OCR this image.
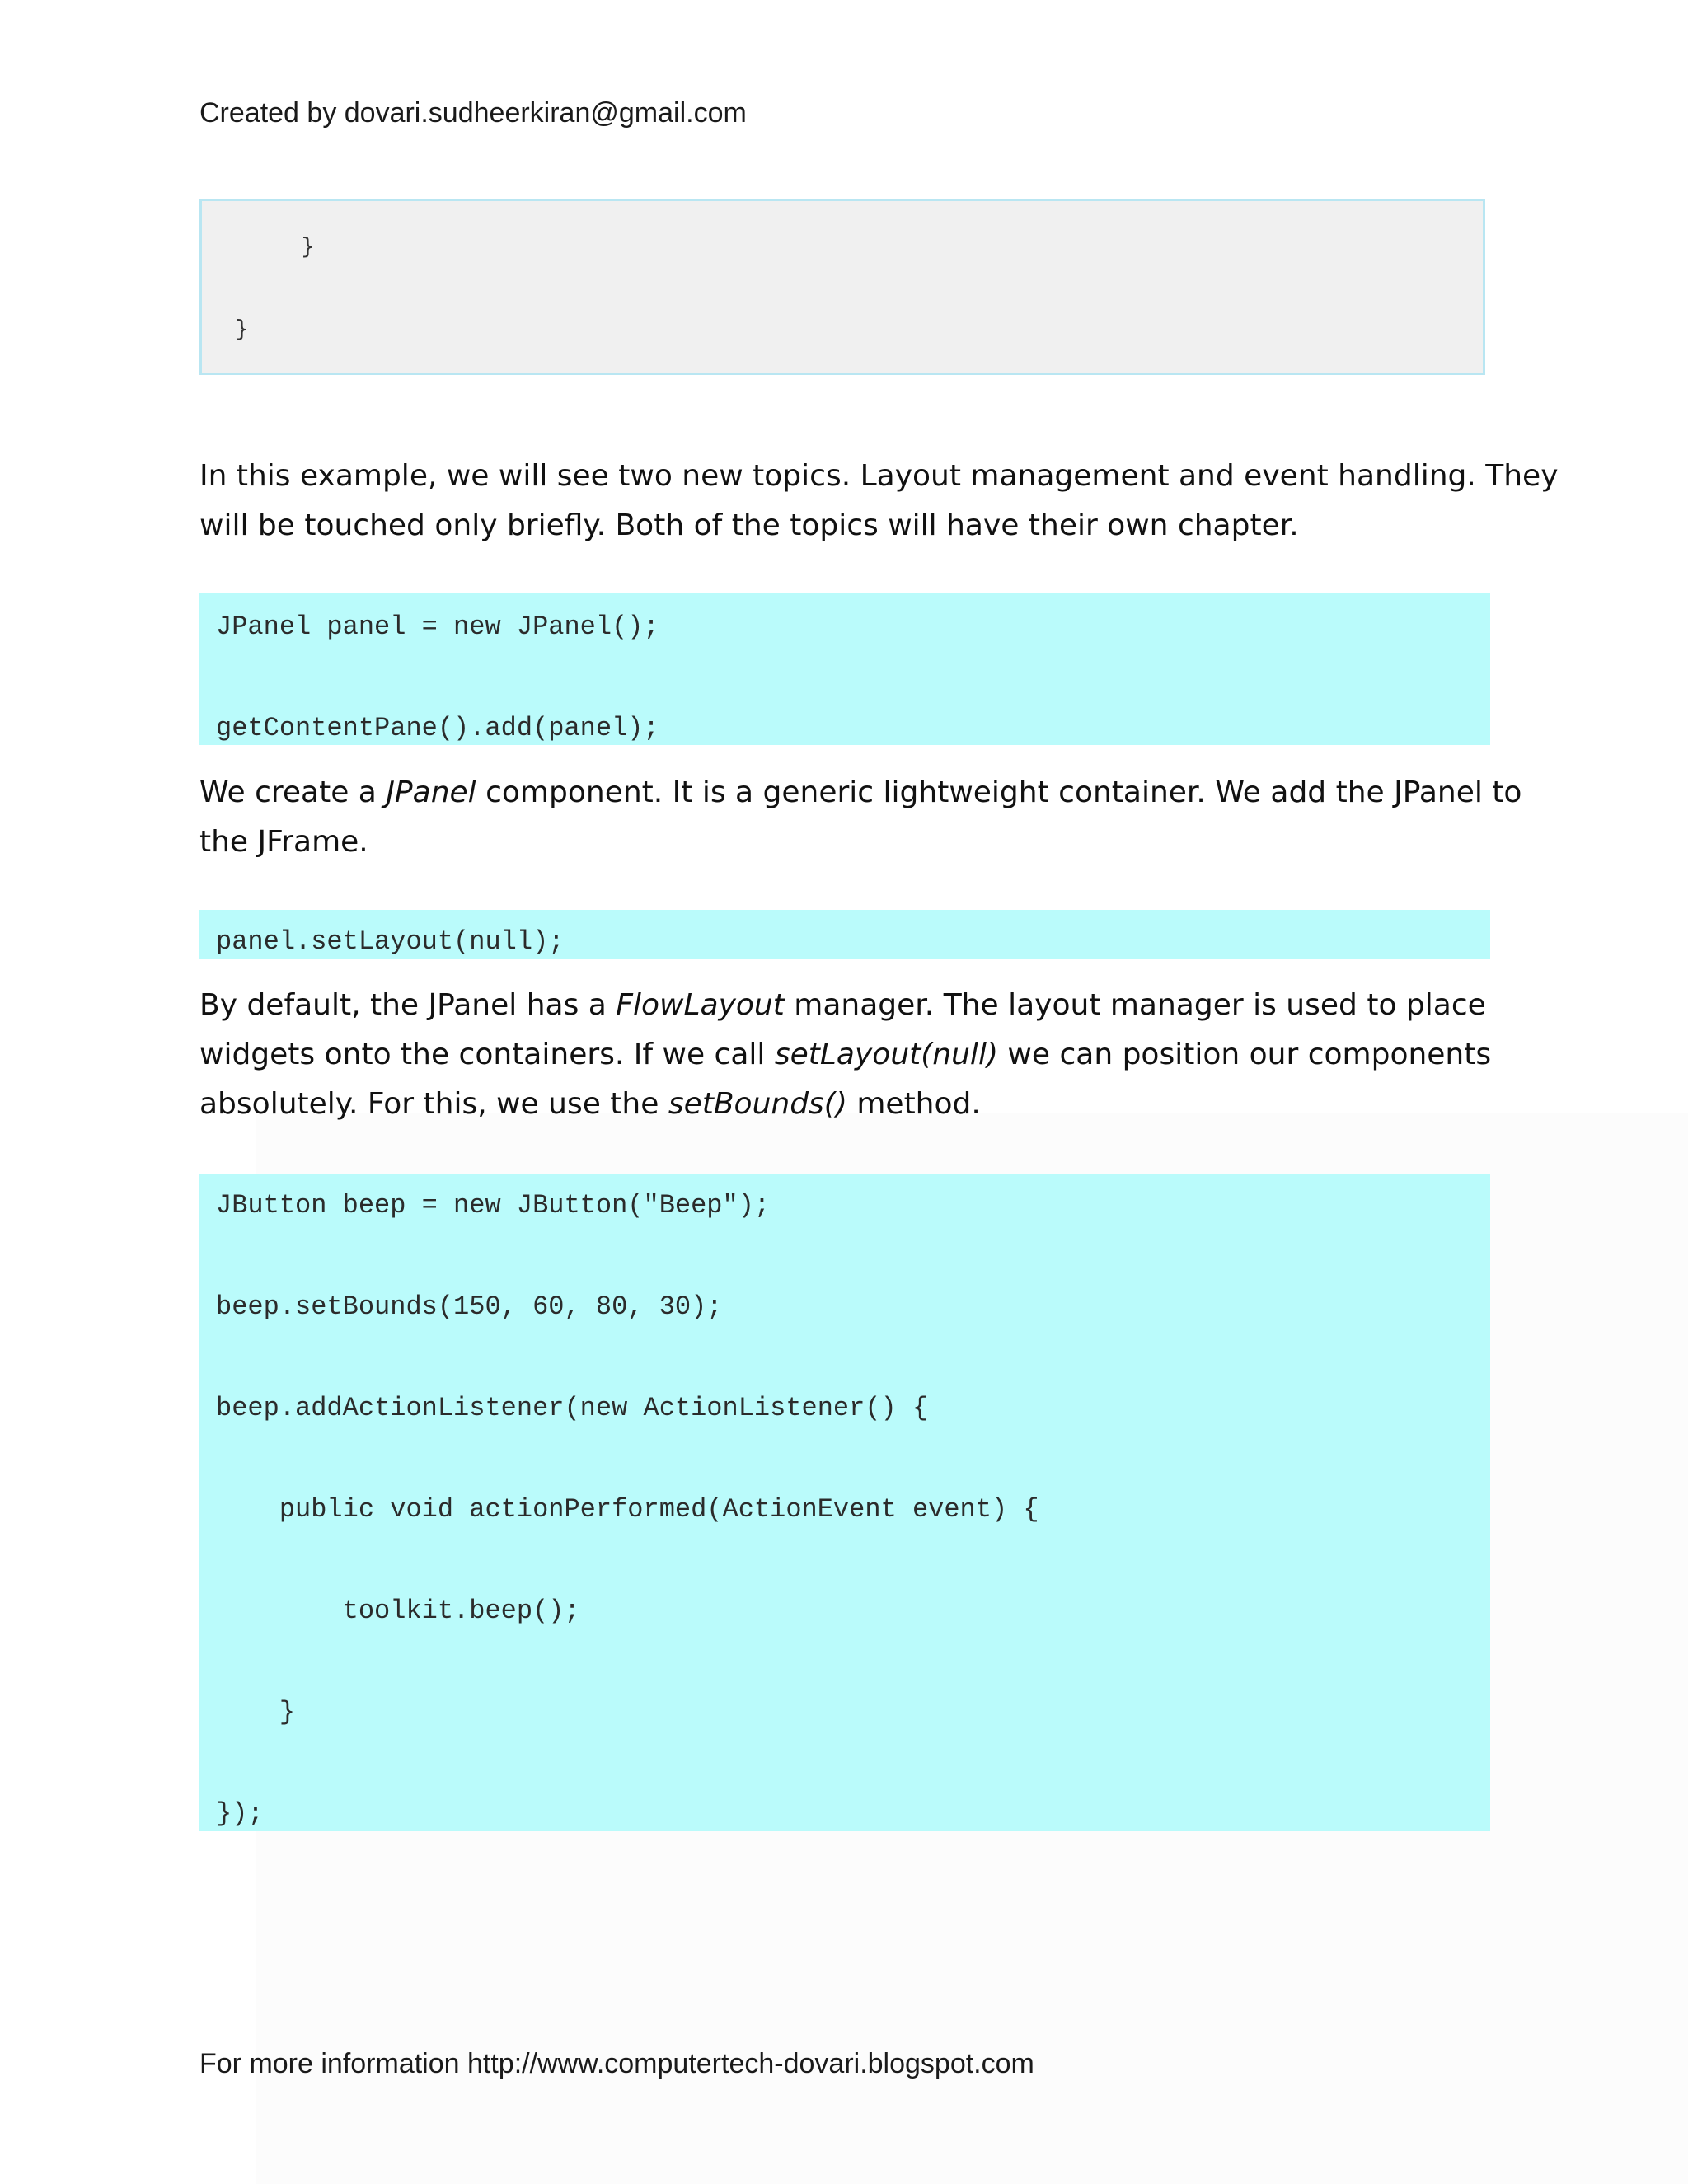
Created by dovari.sudheerkiran@gmail.com
}
}

In this example, we will see two new topics. Layout management and event handling. They
will be touched only briefly. Both of the topics will have their own chapter.

JPanel panel = new JPanel();
getContentPane().add(panel);

We create a JPanel component. It is a generic lightweight container. We add the JPanel to
the JFrame.

panel.setLayout(null);

By default, the JPanel has a FlowLayout manager. The layout manager is used to place
widgets onto the containers. If we call setLayout(null) we can position our components
absolutely. For this, we use the setBounds() method.

JButton beep = new JButton("Beep");
beep.setBounds(150, 60, 80, 30);
beep.addActionListener(new ActionListener() {
public void actionPerformed(ActionEvent event) {
toolkit.beep();
}
});
For more information http://www.computertech-dovari.blogspot.com
